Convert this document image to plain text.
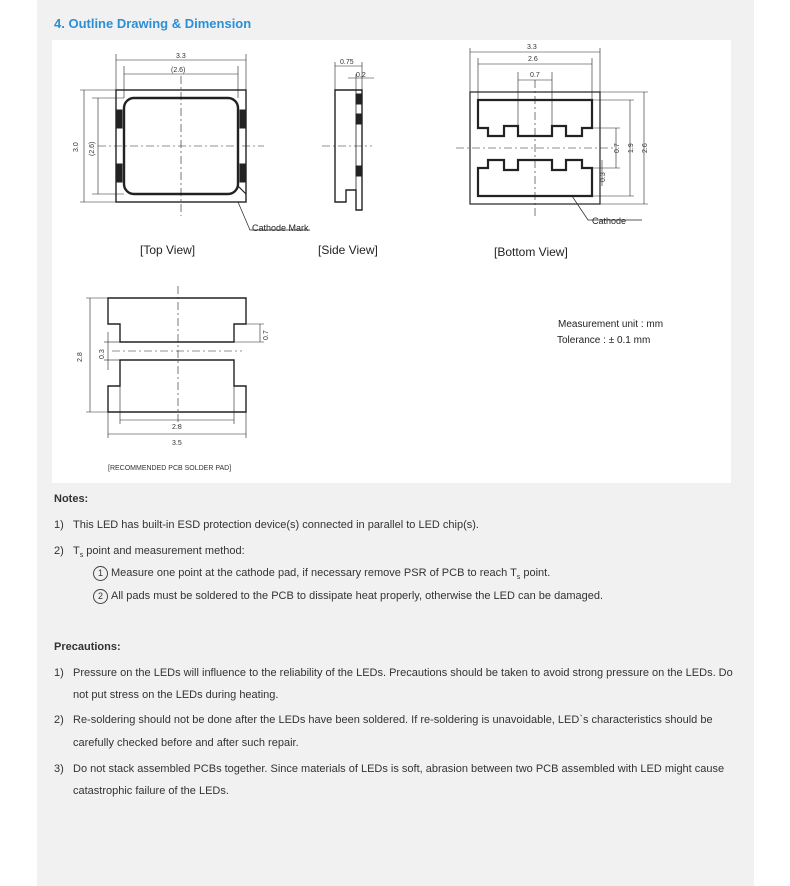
4. Outline Drawing & Dimension
3.3
(2.6)
3.0 (2.6)
Cathode Mark
[Top View]
0.75
0.2
[Side View]
3.3
2.6
0.7
0.3
0.7 1.9 2.6
Cathode
[Bottom View]
2.8 0.3
0.7
2.8
3.5
[RECOMMENDED PCB SOLDER PAD]
Measurement unit : mm
Tolerance : ± 0.1 mm
Notes:
1) This LED has built-in ESD protection device(s) connected in parallel to LED chip(s).
2) $T_s$ point and measurement method:
1 Measure one point at the cathode pad, if necessary remove PSR of PCB to reach $T_s$ point.
2 All pads must be soldered to the PCB to dissipate heat properly, otherwise the LED can be damaged.
Precautions:
1) Pressure on the LEDs will influence to the reliability of the LEDs. Precautions should be taken to avoid strong pressure on the LEDs. Do
not put stress on the LEDs during heating.
2) Re-soldering should not be done after the LEDs have been soldered. If re-soldering is unavoidable, LED`s characteristics should be
carefully checked before and after such repair.
3) Do not stack assembled PCBs together. Since materials of LEDs is soft, abrasion between two PCB assembled with LED might cause
catastrophic failure of the LEDs.
